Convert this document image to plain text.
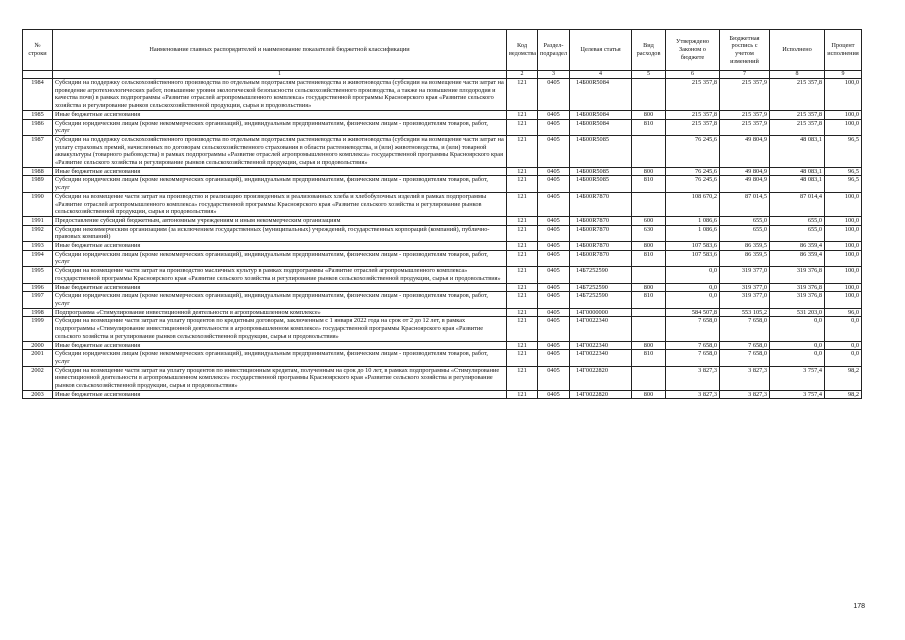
№ строки	Наименование главных распорядителей и наименование показателей бюджетной классификации	Код ведомства	Раздел-подраздел	Целевая статья	Вид расходов	Утверждено Законом о бюджете	Бюджетная роспись с учетом изменений	Исполнено	Процент исполнения
	1	2	3	4	5	6	7	8	9
1984	Субсидии на поддержку сельскохозяйственного производства по отдельным подотраслям растениеводства и животноводства (субсидии на возмещение части затрат на проведение агротехнологических работ, повышение уровня экологической безопасности сельскохозяйственного производства, а также на повышение плодородия и качества почв) в рамках подпрограммы «Развитие отраслей агропромышленного комплекса» государственной программы Красноярского края «Развитие сельского хозяйства и регулирование рынков сельскохозяйственной продукции, сырья и продовольствия»	121	0405	14Б00R5084		215 357,8	215 357,9	215 357,8	100,0
1985	Иные бюджетные ассигнования	121	0405	14Б00R5084	800	215 357,8	215 357,9	215 357,8	100,0
1986	Субсидии юридическим лицам (кроме некоммерческих организаций), индивидуальным предпринимателям, физическим лицам - производителям товаров, работ, услуг	121	0405	14Б00R5084	810	215 357,8	215 357,9	215 357,8	100,0
1987	Субсидии на поддержку сельскохозяйственного производства по отдельным подотраслям растениеводства и животноводства (субсидии на возмещение части затрат на уплату страховых премий, начисленных по договорам сельскохозяйственного страхования в области растениеводства, и (или) животноводства, и (или) товарной аквакультуры (товарного рыбоводства) в рамках подпрограммы «Развитие отраслей агропромышленного комплекса» государственной программы Красноярского края «Развитие сельского хозяйства и регулирование рынков сельскохозяйственной продукции, сырья и продовольствия»	121	0405	14Б00R5085		76 245,6	49 804,9	48 083,1	96,5
1988	Иные бюджетные ассигнования	121	0405	14Б00R5085	800	76 245,6	49 804,9	48 083,1	96,5
1989	Субсидии юридическим лицам (кроме некоммерческих организаций), индивидуальным предпринимателям, физическим лицам - производителям товаров, работ, услуг	121	0405	14Б00R5085	810	76 245,6	49 804,9	48 083,1	96,5
1990	Субсидии на возмещение части затрат на производство и реализацию произведенных и реализованных хлеба и хлебобулочных изделий в рамках подпрограммы «Развитие отраслей агропромышленного комплекса» государственной программы Красноярского края «Развитие сельского хозяйства и регулирование рынков сельскохозяйственной продукции, сырья и продовольствия»	121	0405	14Б00R7870		108 670,2	87 014,5	87 014,4	100,0
1991	Предоставление субсидий бюджетным, автономным учреждениям и иным некоммерческим организациям	121	0405	14Б00R7870	600	1 086,6	655,0	655,0	100,0
1992	Субсидии некоммерческим организациям (за исключением государственных (муниципальных) учреждений, государственных корпораций (компаний), публично-правовых компаний)	121	0405	14Б00R7870	630	1 086,6	655,0	655,0	100,0
1993	Иные бюджетные ассигнования	121	0405	14Б00R7870	800	107 583,6	86 359,5	86 359,4	100,0
1994	Субсидии юридическим лицам (кроме некоммерческих организаций), индивидуальным предпринимателям, физическим лицам - производителям товаров, работ, услуг	121	0405	14Б00R7870	810	107 583,6	86 359,5	86 359,4	100,0
1995	Субсидии на возмещение части затрат на производство масличных культур в рамках подпрограммы «Развитие отраслей агропромышленного комплекса» государственной программы Красноярского края «Развитие сельского хозяйства и регулирование рынков сельскохозяйственной продукции, сырья и продовольствия»	121	0405	14Б7252590		0,0	319 377,0	319 376,8	100,0
1996	Иные бюджетные ассигнования	121	0405	14Б7252590	800	0,0	319 377,0	319 376,8	100,0
1997	Субсидии юридическим лицам (кроме некоммерческих организаций), индивидуальным предпринимателям, физическим лицам - производителям товаров, работ, услуг	121	0405	14Б7252590	810	0,0	319 377,0	319 376,8	100,0
1998	Подпрограмма «Стимулирование инвестиционной деятельности в агропромышленном комплексе»	121	0405	14Г0000000		584 507,8	553 105,2	531 203,0	96,0
1999	Субсидии на возмещение части затрат на уплату процентов по кредитным договорам, заключенным с 1 января 2022 года на срок от 2 до 12 лет, в рамках подпрограммы «Стимулирование инвестиционной деятельности в агропромышленном комплексе» государственной программы Красноярского края «Развитие сельского хозяйства и регулирование рынков сельскохозяйственной продукции, сырья и продовольствия»	121	0405	14Г0022340		7 658,0	7 658,0	0,0	0,0
2000	Иные бюджетные ассигнования	121	0405	14Г0022340	800	7 658,0	7 658,0	0,0	0,0
2001	Субсидии юридическим лицам (кроме некоммерческих организаций), индивидуальным предпринимателям, физическим лицам - производителям товаров, работ, услуг	121	0405	14Г0022340	810	7 658,0	7 658,0	0,0	0,0
2002	Субсидии на возмещение части затрат на уплату процентов по инвестиционным кредитам, полученным на срок до 10 лет, в рамках подпрограммы «Стимулирование инвестиционной деятельности в агропромышленном комплексе» государственной программы Красноярского края «Развитие сельского хозяйства и регулирование рынков сельскохозяйственной продукции, сырья и продовольствия»	121	0405	14Г0022820		3 827,3	3 827,3	3 757,4	98,2
2003	Иные бюджетные ассигнования	121	0405	14Г0022820	800	3 827,3	3 827,3	3 757,4	98,2
178
